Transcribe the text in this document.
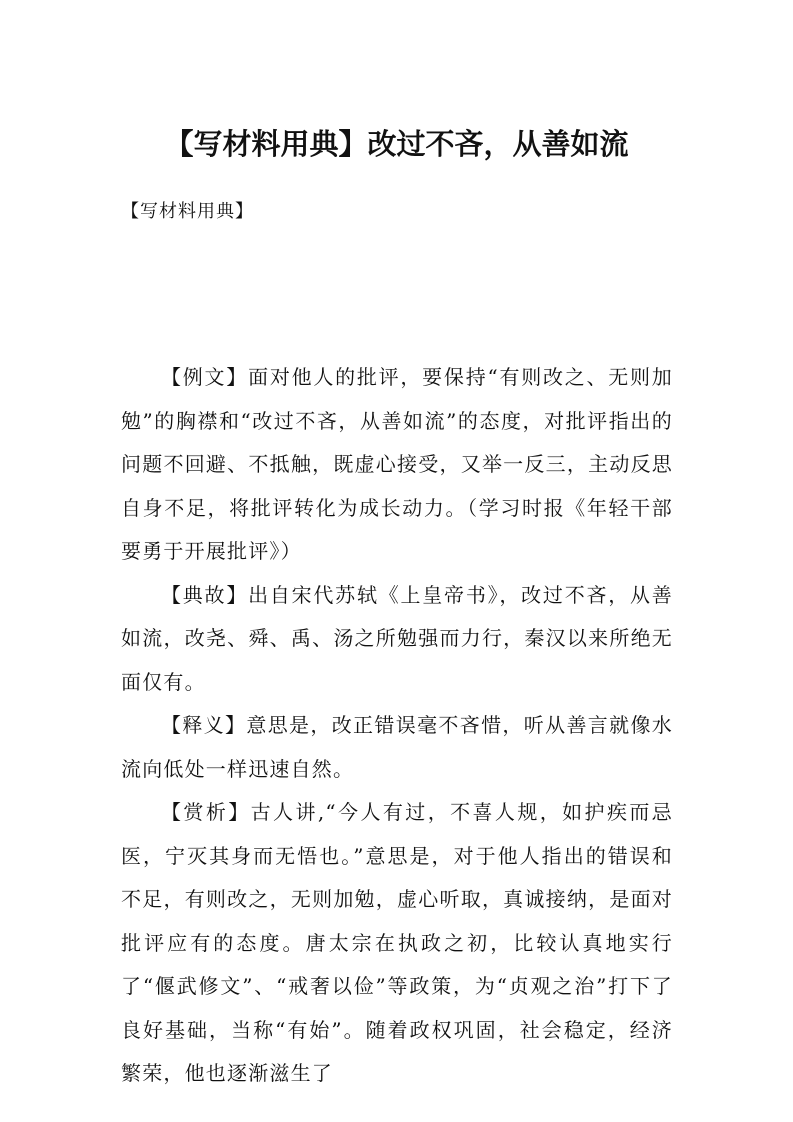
【写材料用典】改过不吝，从善如流

【写材料用典】

【例文】面对他人的批评，要保持“有则改之、无则加勉”的胸襟和“改过不吝，从善如流”的态度，对批评指出的问题不回避、不抵触，既虚心接受，又举一反三，主动反思自身不足，将批评转化为成长动力。（学习时报《年轻干部要勇于开展批评》）

【典故】出自宋代苏轼《上皇帝书》，改过不吝，从善如流，改尧、舜、禹、汤之所勉强而力行，秦汉以来所绝无面仅有。

【释义】意思是，改正错误毫不吝惜，听从善言就像水流向低处一样迅速自然。

【赏析】古人讲,“今人有过，不喜人规，如护疾而忌医，宁灭其身而无悟也。”意思是，对于他人指出的错误和不足，有则改之，无则加勉，虚心听取，真诚接纳，是面对批评应有的态度。唐太宗在执政之初，比较认真地实行了“偃武修文”、“戒奢以俭”等政策，为“贞观之治”打下了良好基础，当称“有始”。随着政权巩固，社会稳定，经济繁荣，他也逐渐滋生了
